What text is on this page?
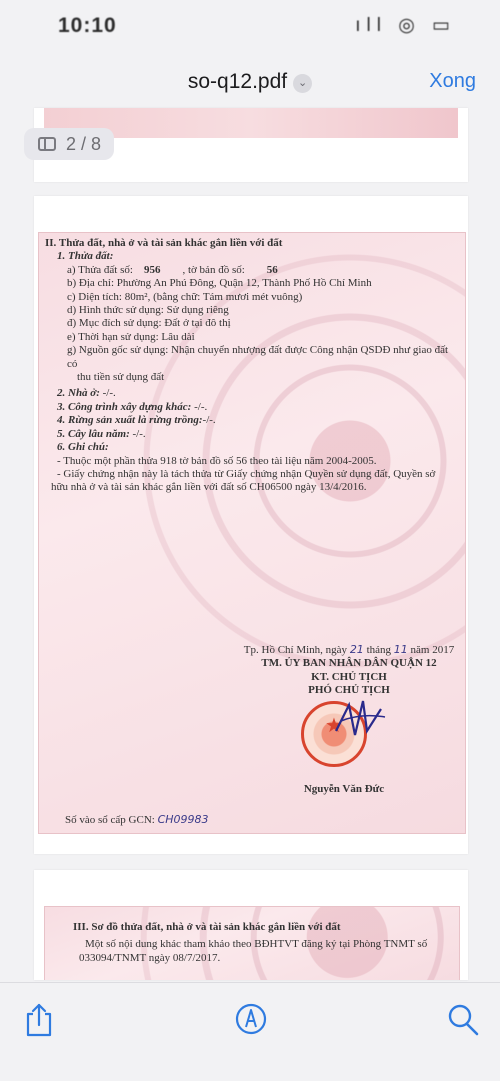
10:10	ıll ◎ ▭
so-q12.pdf ⌄	Xong
2 / 8
II. Thửa đất, nhà ở và tài sản khác gắn liền với đất
1. Thửa đất:
a) Thửa đất số: 956 , tờ bản đồ số: 56
b) Địa chỉ: Phường An Phú Đông, Quận 12, Thành Phố Hồ Chí Minh
c) Diện tích: 80m², (bằng chữ: Tám mươi mét vuông)
d) Hình thức sử dụng: Sử dụng riêng
đ) Mục đích sử dụng: Đất ở tại đô thị
e) Thời hạn sử dụng: Lâu dài
g) Nguồn gốc sử dụng: Nhận chuyển nhượng đất được Công nhận QSDĐ như giao đất có
thu tiền sử dụng đất
2. Nhà ở: -/-.
3. Công trình xây dựng khác: -/-.
4. Rừng sản xuất là rừng trồng:-/-.
5. Cây lâu năm: -/-.
6. Ghi chú:
- Thuộc một phần thửa 918 tờ bản đồ số 56 theo tài liệu năm 2004-2005.
- Giấy chứng nhận này là tách thửa từ Giấy chứng nhận Quyền sử dụng đất, Quyền sở
hữu nhà ở và tài sản khác gắn liền với đất số CH06500 ngày 13/4/2016.
Tp. Hồ Chí Minh, ngày 21 tháng 11 năm 2017
TM. ỦY BAN NHÂN DÂN QUẬN 12
KT. CHỦ TỊCH
PHÓ CHỦ TỊCH
★
Nguyễn Văn Đức
Số vào sổ cấp GCN: CH09983
III. Sơ đồ thửa đất, nhà ở và tài sản khác gắn liền với đất
Một số nội dung khác tham khảo theo BĐHTVT đăng ký tại Phòng TNMT số
033094/TNMT ngày 08/7/2017.
